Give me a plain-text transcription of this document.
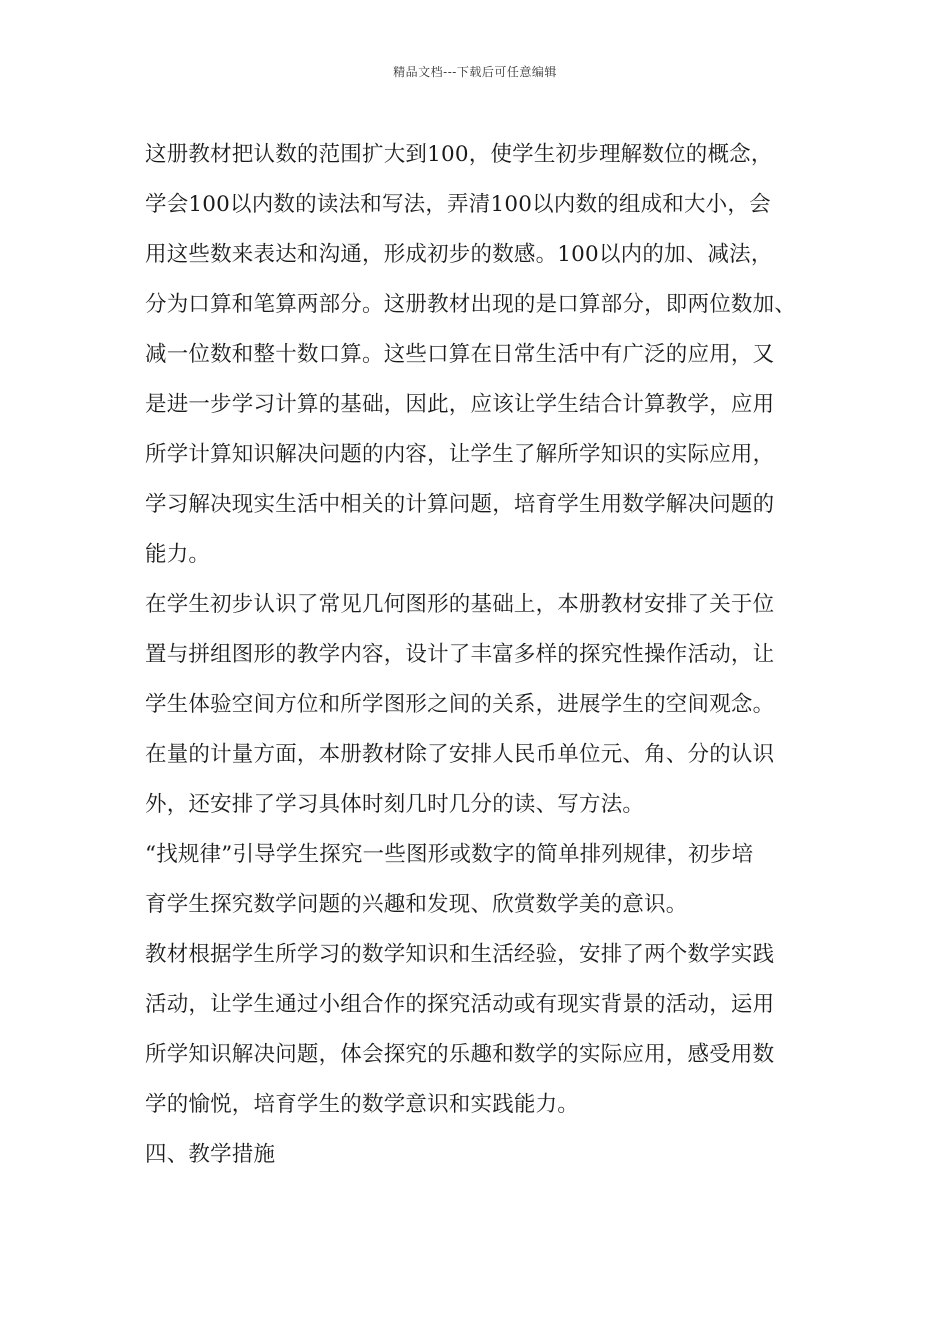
精品文档---下载后可任意编辑
这册教材把认数的范围扩大到100，使学生初步理解数位的概念，
学会100以内数的读法和写法，弄清100以内数的组成和大小，会
用这些数来表达和沟通，形成初步的数感。100以内的加、减法，
分为口算和笔算两部分。这册教材出现的是口算部分，即两位数加、
减一位数和整十数口算。这些口算在日常生活中有广泛的应用，又
是进一步学习计算的基础，因此，应该让学生结合计算教学，应用
所学计算知识解决问题的内容，让学生了解所学知识的实际应用，
学习解决现实生活中相关的计算问题，培育学生用数学解决问题的
能力。
在学生初步认识了常见几何图形的基础上，本册教材安排了关于位
置与拼组图形的教学内容，设计了丰富多样的探究性操作活动，让
学生体验空间方位和所学图形之间的关系，进展学生的空间观念。
在量的计量方面，本册教材除了安排人民币单位元、角、分的认识
外，还安排了学习具体时刻几时几分的读、写方法。
“找规律”引导学生探究一些图形或数字的简单排列规律，初步培
育学生探究数学问题的兴趣和发现、欣赏数学美的意识。
教材根据学生所学习的数学知识和生活经验，安排了两个数学实践
活动，让学生通过小组合作的探究活动或有现实背景的活动，运用
所学知识解决问题，体会探究的乐趣和数学的实际应用，感受用数
学的愉悦，培育学生的数学意识和实践能力。
四、教学措施
